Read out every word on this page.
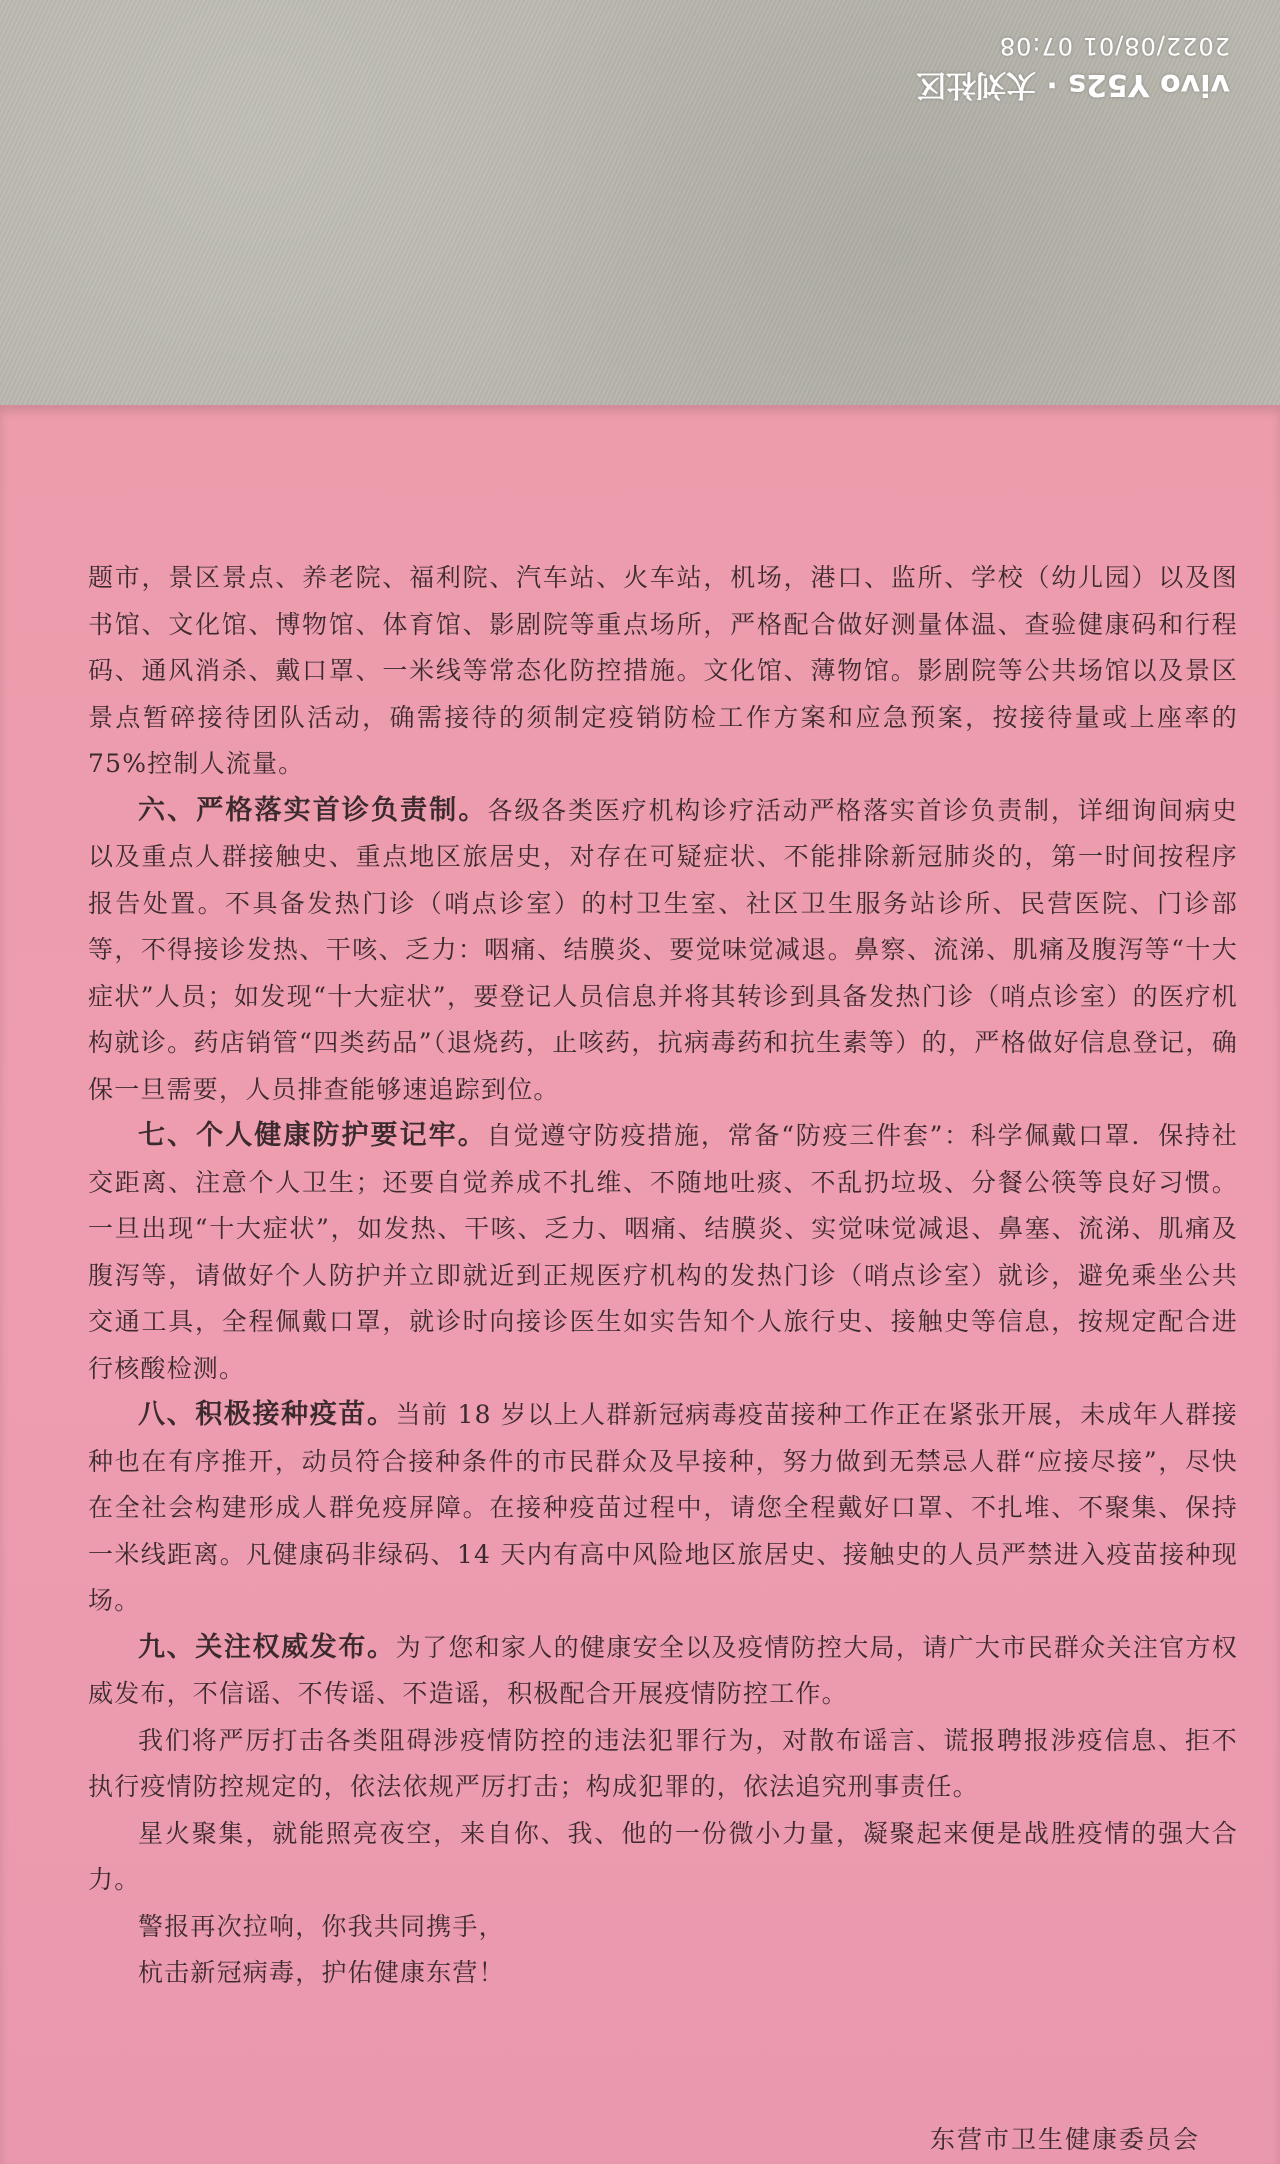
vivo Y52s · 太刘社区
2022/08/01 07:08

题市，景区景点、养老院、福利院、汽车站、火车站，机场，港口、监所、学校（幼儿园）以及图书馆、文化馆、博物馆、体育馆、影剧院等重点场所，严格配合做好测量体温、查验健康码和行程码、通风消杀、戴口罩、一米线等常态化防控措施。文化馆、薄物馆。影剧院等公共场馆以及景区景点暂碎接待团队活动，确需接待的须制定疫销防检工作方案和应急预案，按接待量或上座率的75%控制人流量。

六、严格落实首诊负责制。各级各类医疗机构诊疗活动严格落实首诊负责制，详细询间病史以及重点人群接触史、重点地区旅居史，对存在可疑症状、不能排除新冠肺炎的，第一时间按程序报告处置。不具备发热门诊（哨点诊室）的村卫生室、社区卫生服务站诊所、民营医院、门诊部等，不得接诊发热、干咳、乏力：咽痛、结膜炎、要觉味觉减退。鼻察、流涕、肌痛及腹泻等“十大症状”人员；如发现“十大症状”，要登记人员信息并将其转诊到具备发热门诊（哨点诊室）的医疗机构就诊。药店销管“四类药品”（退烧药，止咳药，抗病毒药和抗生素等）的，严格做好信息登记，确保一旦需要，人员排查能够速追踪到位。

七、个人健康防护要记牢。自觉遵守防疫措施，常备“防疫三件套”：科学佩戴口罩．保持社交距离、注意个人卫生；还要自觉养成不扎维、不随地吐痰、不乱扔垃圾、分餐公筷等良好习惯。一旦出现“十大症状”，如发热、干咳、乏力、咽痛、结膜炎、实觉味觉减退、鼻塞、流涕、肌痛及腹泻等，请做好个人防护并立即就近到正规医疗机构的发热门诊（哨点诊室）就诊，避免乘坐公共交通工具，全程佩戴口罩，就诊时向接诊医生如实告知个人旅行史、接触史等信息，按规定配合进行核酸检测。

八、积极接种疫苗。当前 18 岁以上人群新冠病毒疫苗接种工作正在紧张开展，未成年人群接种也在有序推开，动员符合接种条件的市民群众及早接种，努力做到无禁忌人群“应接尽接”，尽快在全社会构建形成人群免疫屏障。在接种疫苗过程中，请您全程戴好口罩、不扎堆、不聚集、保持一米线距离。凡健康码非绿码、14 天内有高中风险地区旅居史、接触史的人员严禁进入疫苗接种现场。

九、关注权威发布。为了您和家人的健康安全以及疫情防控大局，请广大市民群众关注官方权威发布，不信谣、不传谣、不造谣，积极配合开展疫情防控工作。

我们将严厉打击各类阻碍涉疫情防控的违法犯罪行为，对散布谣言、谎报聘报涉疫信息、拒不执行疫情防控规定的，依法依规严厉打击；构成犯罪的，依法追究刑事责任。

星火聚集，就能照亮夜空，来自你、我、他的一份微小力量，凝聚起来便是战胜疫情的强大合力。

警报再次拉响，你我共同携手，

杭击新冠病毒，护佑健康东营！

东营市卫生健康委员会
